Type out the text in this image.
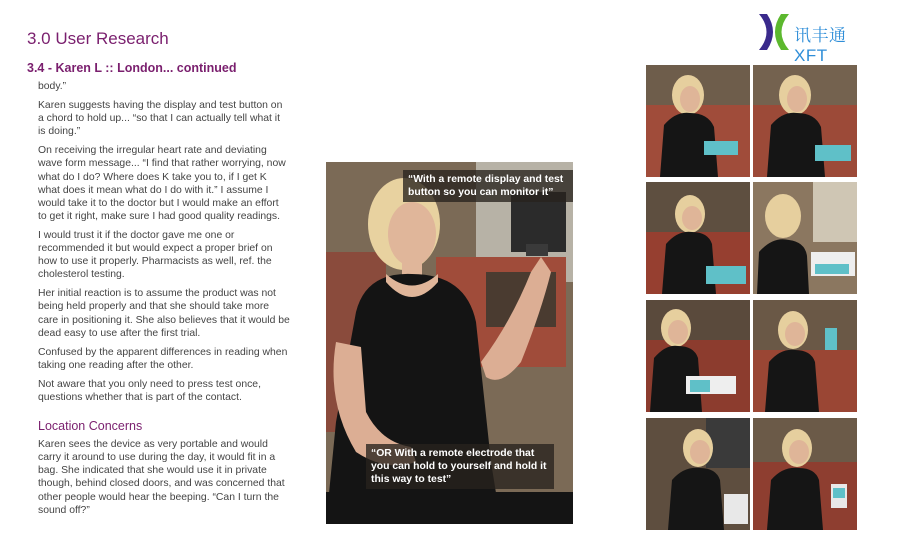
3.0 User Research
3.4 - Karen L :: London... continued
讯丰通XFT

body.”

Karen suggests having the display and test button on a chord to hold up... “so that I can actually tell what it is doing.”

On receiving the irregular heart rate and deviating wave form message... “I find that rather worrying, now what do I do? Where does K take you to, if I get K what does it mean what do I do with it.” I assume I would take it to the doctor but I would make an effort to get it right, make sure I had good quality readings.

I would trust it if the doctor gave me one or recommended it but would expect a proper brief on how to use it properly. Pharmacists as well, ref. the cholesterol testing.

Her initial reaction is to assume the product was not being held properly and that she should take more care in positioning it. She also believes that it would be dead easy to use after the first trial.

Confused by the apparent differences in reading when taking one reading after the other.

Not aware that you only need to press test once, questions whether that is part of the contact.

Location Concerns

Karen sees the device as very portable and would carry it around to use during the day, it would fit in a bag. She indicated that she would use it in private though, behind closed doors, and was concerned that other people would hear the beeping. “Can I turn the sound off?”

“With a remote display and test button so you can monitor it”
“OR With a remote electrode that you can hold to yourself and hold it this way to test”
